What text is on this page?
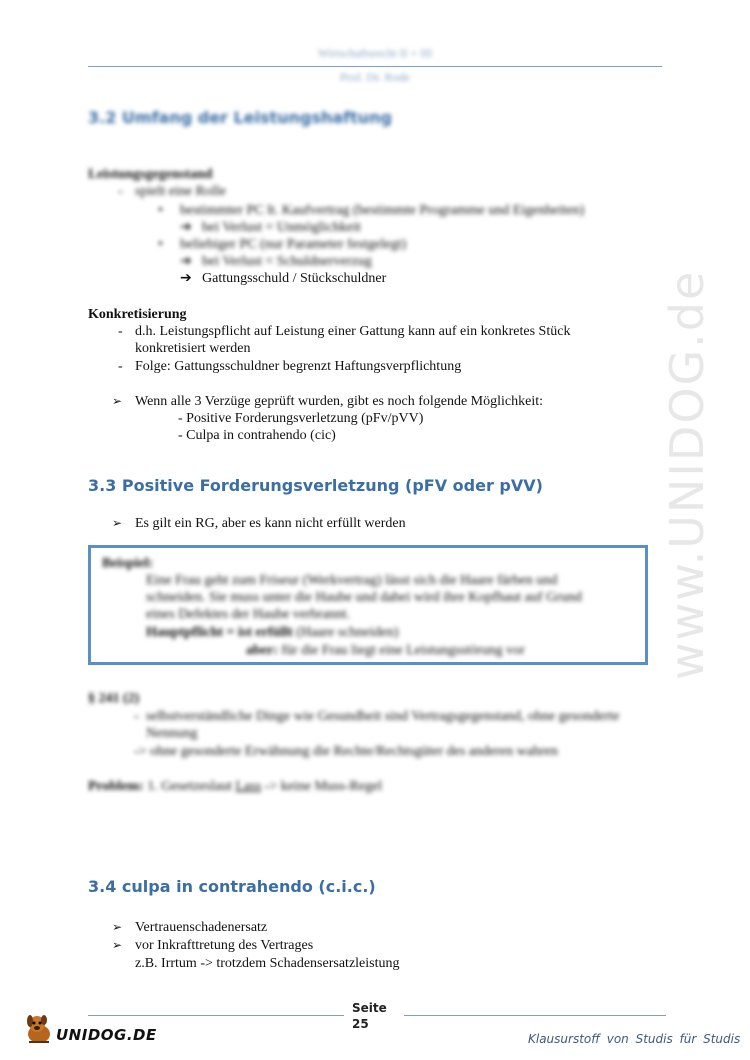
www.UNIDOG.de
Wirtschaftsrecht II + III
Prof. Dr. Rode
3.2 Umfang der Leistungshaftung
Leistungsgegenstand
- spielt eine Rolle
• bestimmter PC lt. Kaufvertrag (bestimmte Programme und Eigenheiten)
➔ bei Verlust = Unmöglichkeit
• beliebiger PC (nur Parameter festgelegt)
➔ bei Verlust = Schuldnerverzug
➔ Gattungsschuld / Stückschuldner
Konkretisierung
- d.h. Leistungspflicht auf Leistung einer Gattung kann auf ein konkretes Stück
konkretisiert werden
- Folge: Gattungsschuldner begrenzt Haftungsverpflichtung
➢ Wenn alle 3 Verzüge geprüft wurden, gibt es noch folgende Möglichkeit:
- Positive Forderungsverletzung (pFv/pVV)
- Culpa in contrahendo (cic)
3.3 Positive Forderungsverletzung (pFV oder pVV)
➢ Es gilt ein RG, aber es kann nicht erfüllt werden
Beispiel:
Eine Frau geht zum Friseur (Werkvertrag) lässt sich die Haare färben und
schneiden. Sie muss unter die Haube und dabei wird ihre Kopfhaut auf Grund
eines Defektes der Haube verbrannt.
Hauptpflicht = ist erfüllt (Haare schneiden)
aber: für die Frau liegt eine Leistungsstörung vor
§ 241 (2)
- selbstverständliche Dinge wie Gesundheit sind Vertragsgegenstand, ohne gesonderte
Nennung
-> ohne gesonderte Erwähnung die Rechte/Rechtsgüter des anderen wahren
Problem: 1. Gesetzeslaut Lass -> keine Muss-Regel
3.4 culpa in contrahendo (c.i.c.)
➢ Vertrauenschadenersatz
➢ vor Inkrafttretung des Vertrages
z.B. Irrtum -> trotzdem Schadensersatzleistung
Seite
25
UNIDOG.DE	Klausurstoff von Studis für Studis
